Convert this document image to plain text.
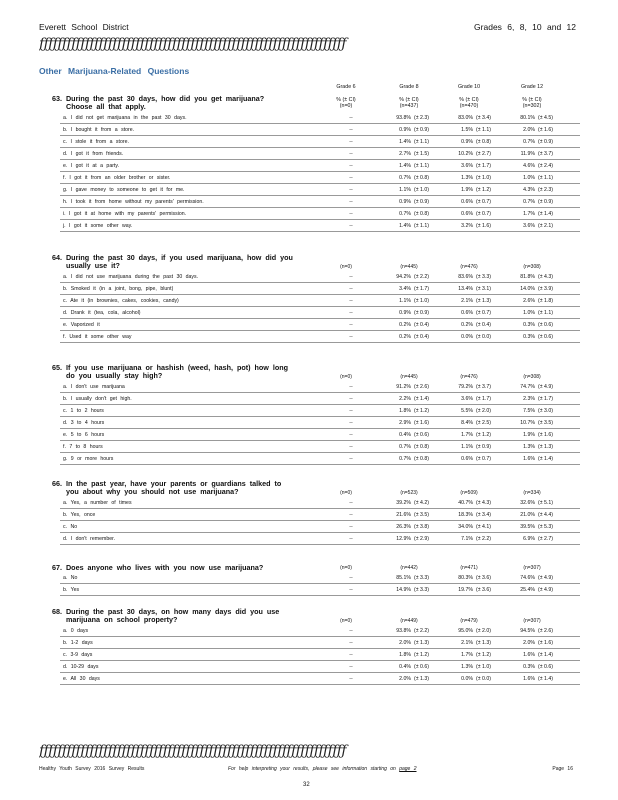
Everett School District	Grades 6, 8, 10 and 12
ƒƒƒƒƒƒƒƒƒƒƒƒƒƒƒƒƒƒƒƒƒƒƒƒƒƒƒƒƒƒƒƒƒƒƒƒƒƒƒƒƒƒƒƒƒƒƒƒƒƒƒƒƒƒƒƒƒƒƒƒƒƒƒƒƒƒƒ
Other Marijuana-Related Questions
Grade 6	Grade 8	Grade 10	Grade 12
% (± CI)	% (± CI)	% (± CI)	% (± CI)
(n=0)	(n=437)	(n=470)	(n=302)
63. During the past 30 days, how did you get marijuana?
Choose all that apply.
a. I did not get marijuana in the past 30 days.	--	93.8% (± 2.3)	83.0% (± 3.4)	80.1% (± 4.5)
b. I bought it from a store.	--	0.9% (± 0.9)	1.5% (± 1.1)	2.0% (± 1.6)
c. I stole it from a store.	--	1.4% (± 1.1)	0.9% (± 0.8)	0.7% (± 0.9)
d. I got it from friends.	--	2.7% (± 1.5)	10.2% (± 2.7)	11.9% (± 3.7)
e. I got it at a party.	--	1.4% (± 1.1)	3.6% (± 1.7)	4.6% (± 2.4)
f. I got it from an older brother or sister.	--	0.7% (± 0.8)	1.3% (± 1.0)	1.0% (± 1.1)
g. I gave money to someone to get it for me.	--	1.1% (± 1.0)	1.9% (± 1.2)	4.3% (± 2.3)
h. I took it from home without my parents' permission.	--	0.9% (± 0.9)	0.6% (± 0.7)	0.7% (± 0.9)
i. I got it at home with my parents' permission.	--	0.7% (± 0.8)	0.6% (± 0.7)	1.7% (± 1.4)
j. I got it some other way.	--	1.4% (± 1.1)	3.2% (± 1.6)	3.6% (± 2.1)
64. During the past 30 days, if you used marijuana, how did you
usually use it?	(n=0)	(n=445)	(n=476)	(n=308)
a. I did not use marijuana during the past 30 days.	--	94.2% (± 2.2)	83.6% (± 3.3)	81.8% (± 4.3)
b. Smoked it (in a joint, bong, pipe, blunt)	--	3.4% (± 1.7)	13.4% (± 3.1)	14.0% (± 3.9)
c. Ate it (in brownies, cakes, cookies, candy)	--	1.1% (± 1.0)	2.1% (± 1.3)	2.6% (± 1.8)
d. Drank it (tea, cola, alcohol)	--	0.9% (± 0.9)	0.6% (± 0.7)	1.0% (± 1.1)
e. Vaporized it	--	0.2% (± 0.4)	0.2% (± 0.4)	0.3% (± 0.6)
f. Used it some other way	--	0.2% (± 0.4)	0.0% (± 0.0)	0.3% (± 0.6)
65. If you use marijuana or hashish (weed, hash, pot) how long
do you usually stay high?	(n=0)	(n=445)	(n=476)	(n=308)
a. I don't use marijuana	--	91.2% (± 2.6)	79.2% (± 3.7)	74.7% (± 4.9)
b. I usually don't get high.	--	2.2% (± 1.4)	3.6% (± 1.7)	2.3% (± 1.7)
c. 1 to 2 hours	--	1.8% (± 1.2)	5.5% (± 2.0)	7.5% (± 3.0)
d. 3 to 4 hours	--	2.9% (± 1.6)	8.4% (± 2.5)	10.7% (± 3.5)
e. 5 to 6 hours	--	0.4% (± 0.6)	1.7% (± 1.2)	1.9% (± 1.6)
f. 7 to 8 hours	--	0.7% (± 0.8)	1.1% (± 0.9)	1.3% (± 1.3)
g. 9 or more hours	--	0.7% (± 0.8)	0.6% (± 0.7)	1.6% (± 1.4)
66. In the past year, have your parents or guardians talked to
you about why you should not use marijuana?	(n=0)	(n=523)	(n=509)	(n=334)
a. Yes, a number of times	--	39.2% (± 4.2)	40.7% (± 4.3)	32.6% (± 5.1)
b. Yes, once	--	21.6% (± 3.5)	18.3% (± 3.4)	21.0% (± 4.4)
c. No	--	26.3% (± 3.8)	34.0% (± 4.1)	39.5% (± 5.3)
d. I don't remember.	--	12.9% (± 2.9)	7.1% (± 2.2)	6.9% (± 2.7)
67. Does anyone who lives with you now use marijuana?	(n=0)	(n=442)	(n=471)	(n=307)
a. No	--	85.1% (± 3.3)	80.3% (± 3.6)	74.6% (± 4.9)
b. Yes	--	14.9% (± 3.3)	19.7% (± 3.6)	25.4% (± 4.9)
68. During the past 30 days, on how many days did you use
marijuana on school property?	(n=0)	(n=449)	(n=479)	(n=307)
a. 0 days	--	93.8% (± 2.2)	95.0% (± 2.0)	94.5% (± 2.6)
b. 1-2 days	--	2.0% (± 1.3)	2.1% (± 1.3)	2.0% (± 1.6)
c. 3-9 days	--	1.8% (± 1.2)	1.7% (± 1.2)	1.6% (± 1.4)
d. 10-29 days	--	0.4% (± 0.6)	1.3% (± 1.0)	0.3% (± 0.6)
e. All 30 days	--	2.0% (± 1.3)	0.0% (± 0.0)	1.6% (± 1.4)
ƒƒƒƒƒƒƒƒƒƒƒƒƒƒƒƒƒƒƒƒƒƒƒƒƒƒƒƒƒƒƒƒƒƒƒƒƒƒƒƒƒƒƒƒƒƒƒƒƒƒƒƒƒƒƒƒƒƒƒƒƒƒƒƒƒƒƒ
Healthy Youth Survey 2016 Survey Results	For help interpreting your results, please see information starting on page 2	Page 16
32
